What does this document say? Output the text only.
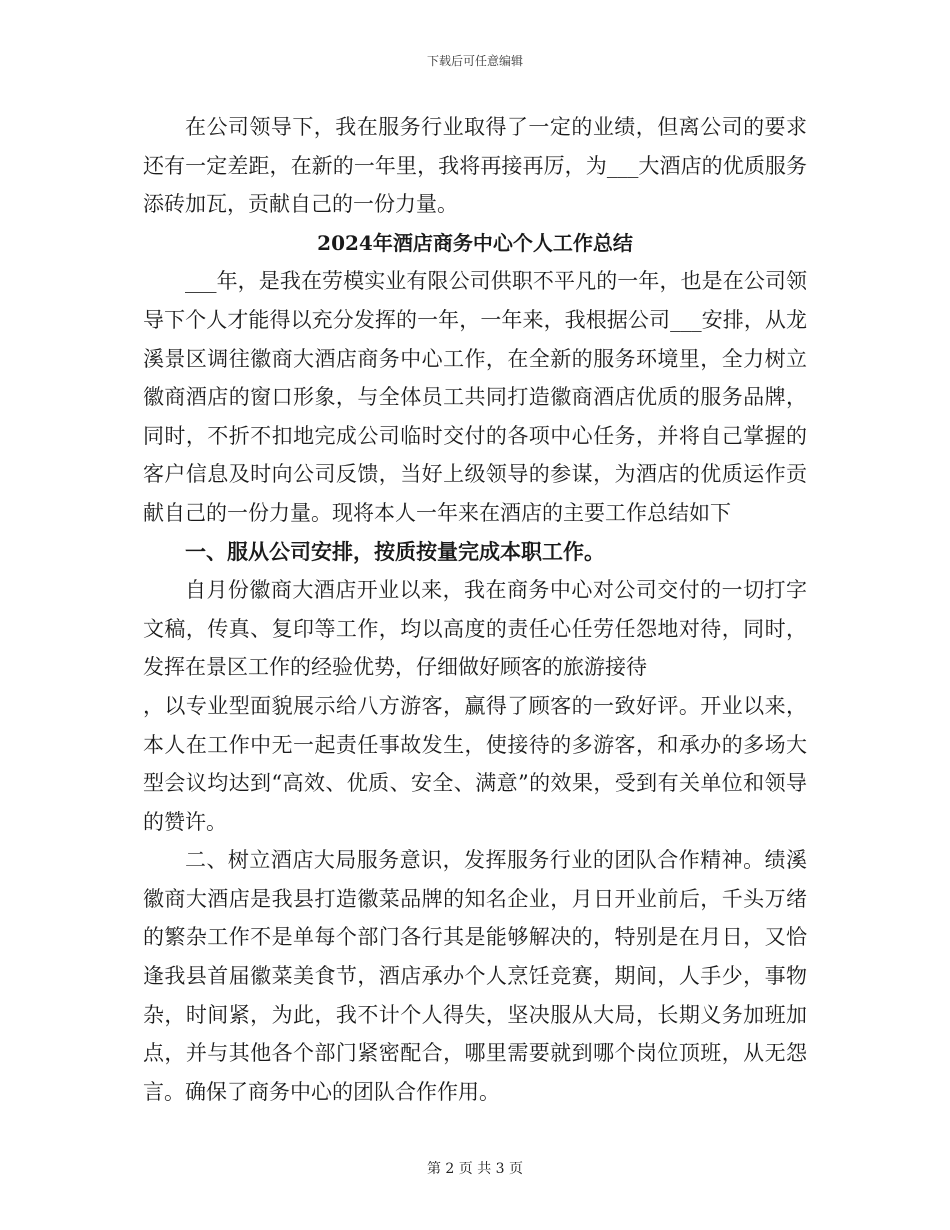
下载后可任意编辑

在公司领导下，我在服务行业取得了一定的业绩，但离公司的要求还有一定差距，在新的一年里，我将再接再厉，为___大酒店的优质服务添砖加瓦，贡献自己的一份力量。

2024年酒店商务中心个人工作总结

___年，是我在劳模实业有限公司供职不平凡的一年，也是在公司领导下个人才能得以充分发挥的一年，一年来，我根据公司___安排，从龙溪景区调往徽商大酒店商务中心工作，在全新的服务环境里，全力树立徽商酒店的窗口形象，与全体员工共同打造徽商酒店优质的服务品牌，同时，不折不扣地完成公司临时交付的各项中心任务，并将自己掌握的客户信息及时向公司反馈，当好上级领导的参谋，为酒店的优质运作贡献自己的一份力量。现将本人一年来在酒店的主要工作总结如下

一、服从公司安排，按质按量完成本职工作。

自月份徽商大酒店开业以来，我在商务中心对公司交付的一切打字文稿，传真、复印等工作，均以高度的责任心任劳任怨地对待，同时，发挥在景区工作的经验优势，仔细做好顾客的旅游接待

，以专业型面貌展示给八方游客，赢得了顾客的一致好评。开业以来，本人在工作中无一起责任事故发生，使接待的多游客，和承办的多场大型会议均达到“高效、优质、安全、满意”的效果，受到有关单位和领导的赞许。

二、树立酒店大局服务意识，发挥服务行业的团队合作精神。绩溪徽商大酒店是我县打造徽菜品牌的知名企业，月日开业前后，千头万绪的繁杂工作不是单每个部门各行其是能够解决的，特别是在月日，又恰逢我县首届徽菜美食节，酒店承办个人烹饪竞赛，期间，人手少，事物杂，时间紧，为此，我不计个人得失，坚决服从大局，长期义务加班加点，并与其他各个部门紧密配合，哪里需要就到哪个岗位顶班，从无怨言。确保了商务中心的团队合作作用。

第 2 页 共 3 页
